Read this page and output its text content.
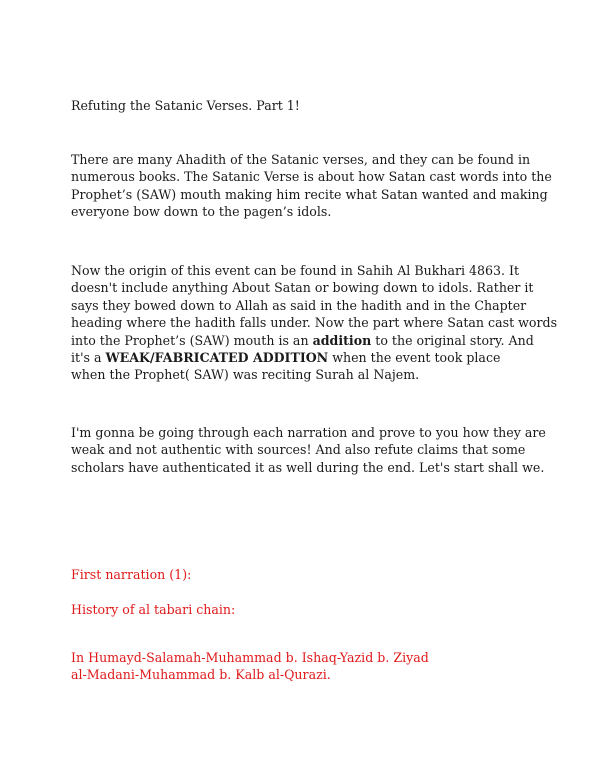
Refuting the Satanic Verses. Part 1!

There are many Ahadith of the Satanic verses, and they can be found in
numerous books. The Satanic Verse is about how Satan cast words into the
Prophet’s (SAW) mouth making him recite what Satan wanted and making
everyone bow down to the pagen’s idols.

Now the origin of this event can be found in Sahih Al Bukhari 4863. It
doesn't include anything About Satan or bowing down to idols. Rather it
says they bowed down to Allah as said in the hadith and in the Chapter
heading where the hadith falls under. Now the part where Satan cast words
into the Prophet’s (SAW) mouth is an addition to the original story. And
it's a WEAK/FABRICATED ADDITION when the event took place
when the Prophet( SAW) was reciting Surah al Najem.

I'm gonna be going through each narration and prove to you how they are
weak and not authentic with sources! And also refute claims that some
scholars have authenticated it as well during the end. Let's start shall we.

First narration (1):

History of al tabari chain:

In Humayd-Salamah-Muhammad b. Ishaq-Yazid b. Ziyad
al-Madani-Muhammad b. Kalb al-Qurazi.
